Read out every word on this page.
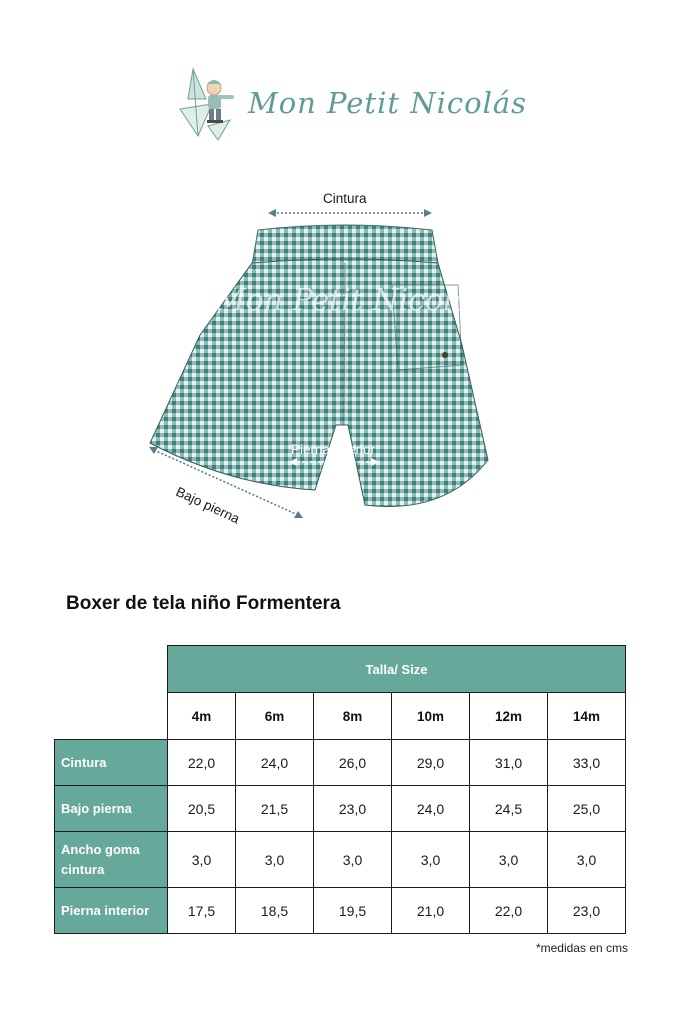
Mon Petit Nicolás
Mon Petit Nicolás
Cintura
Pierna interior
Bajo pierna
Boxer de tela niño Formentera
	Talla/ Size					
	4m	6m	8m	10m	12m	14m
Cintura	22,0	24,0	26,0	29,0	31,0	33,0
Bajo pierna	20,5	21,5	23,0	24,0	24,5	25,0
Ancho goma cintura	3,0	3,0	3,0	3,0	3,0	3,0
Pierna interior	17,5	18,5	19,5	21,0	22,0	23,0
*medidas en cms
